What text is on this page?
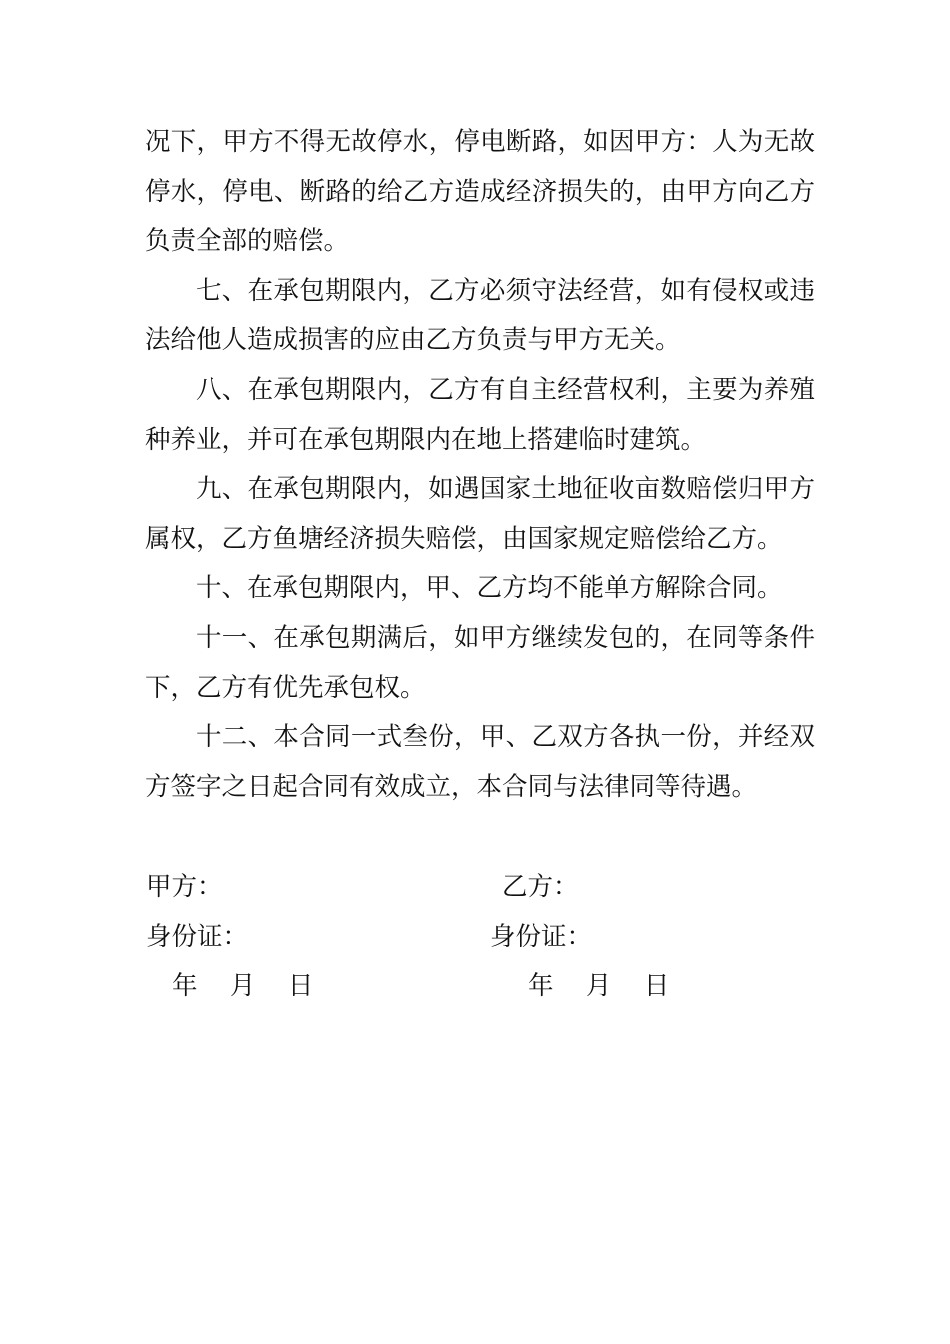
况下，甲方不得无故停水，停电断路，如因甲方：人为无故停水，停电、断路的给乙方造成经济损失的，由甲方向乙方负责全部的赔偿。

七、在承包期限内，乙方必须守法经营，如有侵权或违法给他人造成损害的应由乙方负责与甲方无关。

八、在承包期限内，乙方有自主经营权利，主要为养殖种养业，并可在承包期限内在地上搭建临时建筑。

九、在承包期限内，如遇国家土地征收亩数赔偿归甲方属权，乙方鱼塘经济损失赔偿，由国家规定赔偿给乙方。

十、在承包期限内，甲、乙方均不能单方解除合同。

十一、在承包期满后，如甲方继续发包的，在同等条件下，乙方有优先承包权。

十二、本合同一式叁份，甲、乙双方各执一份，并经双方签字之日起合同有效成立，本合同与法律同等待遇。

甲方：	乙方：
身份证：	身份证：
年    月    日	年    月    日
